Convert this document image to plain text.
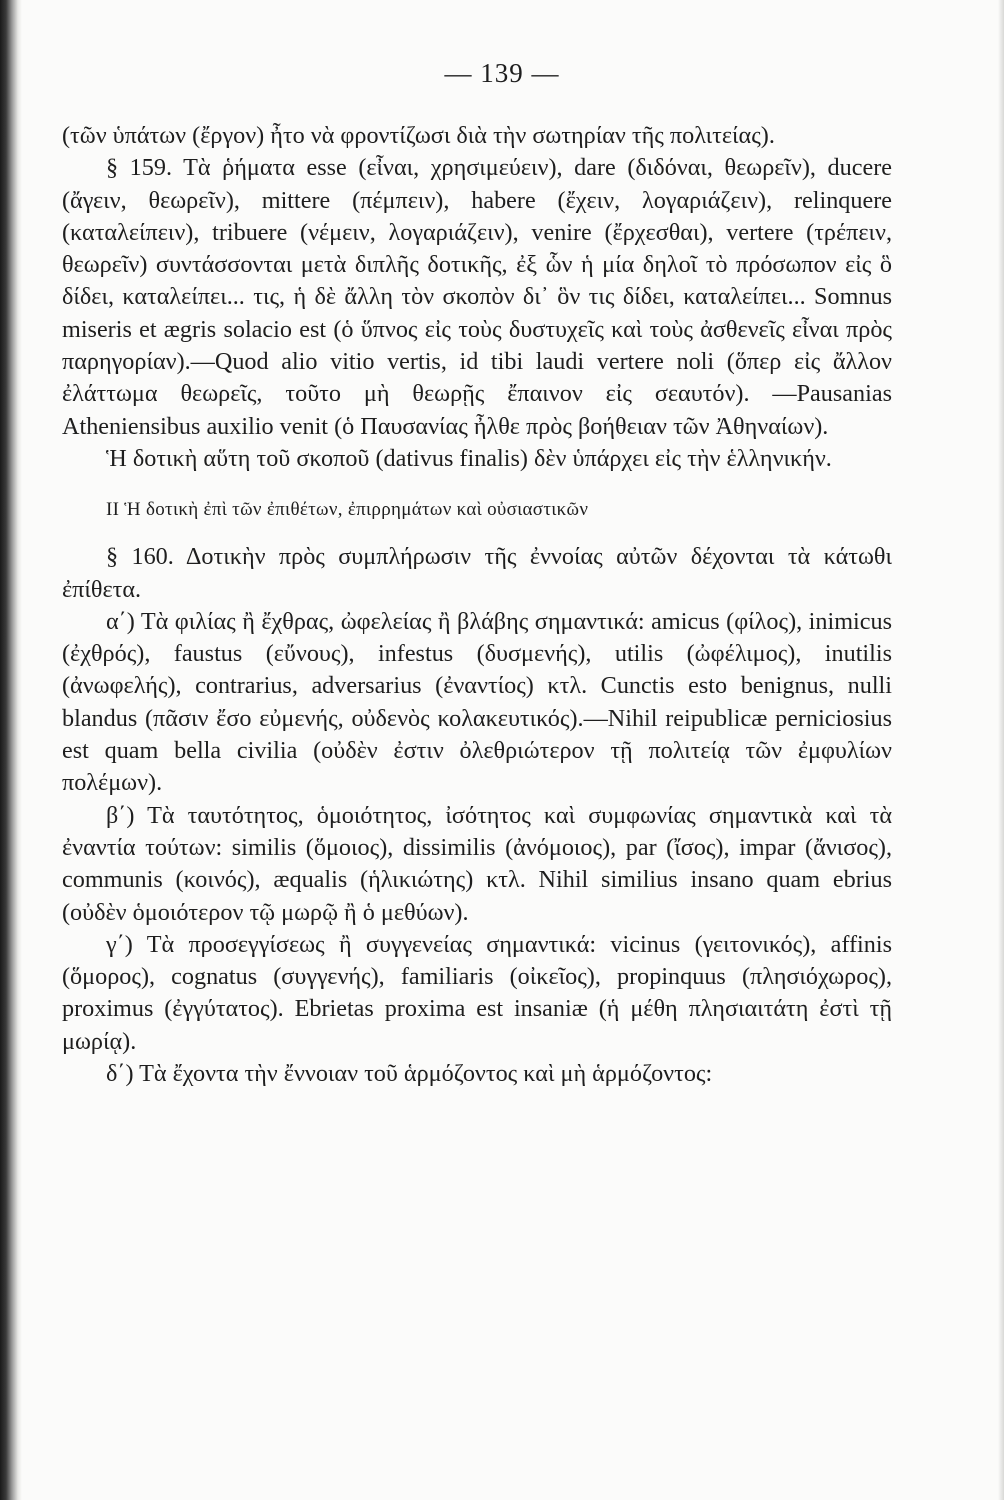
— 139 —

(τῶν ὑπάτων (ἔργον) ἦτο νὰ φροντίζωσι διὰ τὴν σωτηρίαν τῆς πολιτείας).

§ 159. Τὰ ῥήματα esse (εἶναι, χρησιμεύειν), dare (διδόναι, θεωρεῖν), ducere (ἄγειν, θεωρεῖν), mittere (πέμπειν), habere (ἔχειν, λογαριάζειν), relinquere (καταλείπειν), tribuere (νέμειν, λογαριάζειν), venire (ἔρχεσθαι), vertere (τρέπειν, θεωρεῖν) συντάσσονται μετὰ διπλῆς δοτικῆς, ἐξ ὧν ἡ μία δηλοῖ τὸ πρόσωπον εἰς ὃ δίδει, καταλείπει... τις, ἡ δὲ ἄλλη τὸν σκοπὸν δι᾽ ὃν τις δίδει, καταλείπει... Somnus miseris et ægris solacio est (ὁ ὕπνος εἰς τοὺς δυστυχεῖς καὶ τοὺς ἀσθενεῖς εἶναι πρὸς παρηγορίαν).—Quod alio vitio vertis, id tibi laudi vertere noli (ὅπερ εἰς ἄλλον ἐλάττωμα θεωρεῖς, τοῦτο μὴ θεωρῇς ἔπαινον εἰς σεαυτόν). —Pausanias Atheniensibus auxilio venit (ὁ Παυσανίας ἦλθε πρὸς βοήθειαν τῶν Ἀθηναίων).

Ἡ δοτικὴ αὕτη τοῦ σκοποῦ (dativus finalis) δὲν ὑπάρχει εἰς τὴν ἑλληνικήν.

II Ἡ δοτικὴ ἐπὶ τῶν ἐπιθέτων, ἐπιρρημάτων καὶ οὐσιαστικῶν

§ 160. Δοτικὴν πρὸς συμπλήρωσιν τῆς ἐννοίας αὐτῶν δέχονται τὰ κάτωθι ἐπίθετα.

α΄) Τὰ φιλίας ἢ ἔχθρας, ὠφελείας ἢ βλάβης σημαντικά: amicus (φίλος), inimicus (ἐχθρός), faustus (εὔνους), infestus (δυσμενής), utilis (ὠφέλιμος), inutilis (ἀνωφελής), contrarius, adversarius (ἐναντίος) κτλ. Cunctis esto benignus, nulli blandus (πᾶσιν ἔσο εὐμενής, οὐδενὸς κολακευτικός).—Nihil reipublicæ perniciosius est quam bella civilia (οὐδὲν ἐστιν ὀλεθριώτερον τῇ πολιτείᾳ τῶν ἐμφυλίων πολέμων).

β΄) Τὰ ταυτότητος, ὁμοιότητος, ἰσότητος καὶ συμφωνίας σημαντικὰ καὶ τὰ ἐναντία τούτων: similis (ὅμοιος), dissimilis (ἀνόμοιος), par (ἴσος), impar (ἄνισος), communis (κοινός), æqualis (ἡλικιώτης) κτλ. Nihil similius insano quam ebrius (οὐδὲν ὁμοιότερον τῷ μωρῷ ἢ ὁ μεθύων).

γ΄) Τὰ προσεγγίσεως ἢ συγγενείας σημαντικά: vicinus (γειτονικός), affinis (ὅμορος), cognatus (συγγενής), familiaris (οἰκεῖος), propinquus (πλησιόχωρος), proximus (ἐγγύτατος). Ebrietas proxima est insaniæ (ἡ μέθη πλησιαιτάτη ἐστὶ τῇ μωρίᾳ).

δ΄) Τὰ ἔχοντα τὴν ἔννοιαν τοῦ ἁρμόζοντος καὶ μὴ ἁρμόζοντος:
